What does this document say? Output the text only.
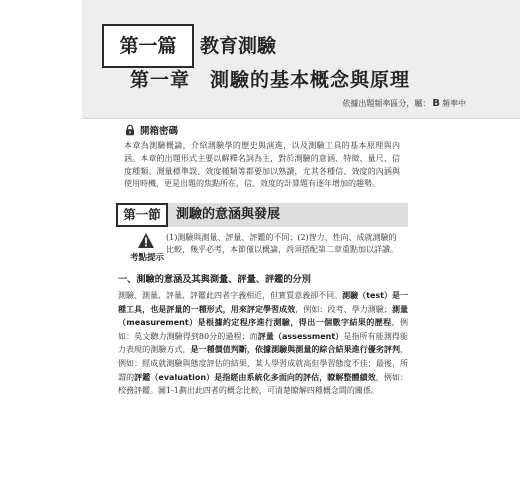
第一篇	教育測驗
第一章　測驗的基本概念與原理
依據出題頻率區分，屬： B 頻率中
開箱密碼
本章為測驗概論，介紹測驗學的歷史與演進，以及測驗工具的基本原理與內涵。本章的出題形式主要以解釋名詞為主，對於測驗的意涵、特徵、量尺、信度種類、測量標準誤、效度種類等都要加以熟讀，尤其各種信、效度的內涵與使用時機，更是出題的焦點所在，信、效度的計算題有逐年增加的趨勢。
第一節	測驗的意涵與發展
考點提示
(1)測驗與測量、評量、評鑑的不同；(2)智力、性向、成就測驗的比較，幾乎必考，本節僅以概論，尚須搭配第二章重點加以詳讀。
一、測驗的意涵及其與測量、評量、評鑑的分別
測驗、測量、評量、評鑑此四者字義相近，但實質意義卻不同。測驗（test）是一種工具，也是評量的一種形式，用來評定學習成效，例如：段考、學力測驗；測量（measurement）是根據約定程序進行測驗，得出一個數字結果的歷程，例如：英文聽力測驗得到80分的過程；而評量（assessment）是指所有能測得能力表現的測驗方式，是一種價值判斷，依據測驗與測量的綜合結果進行優劣評判，例如：經成就測驗與態度評估的結果，某人學習成就高但學習態度不佳；最後，所謂的評鑑（evaluation）是指經由系統化多面向的評估，瞭解整體績效，例如：校務評鑑。圖1-1劃出此四者的概念比較，可清楚瞭解四種概念間的關係。
